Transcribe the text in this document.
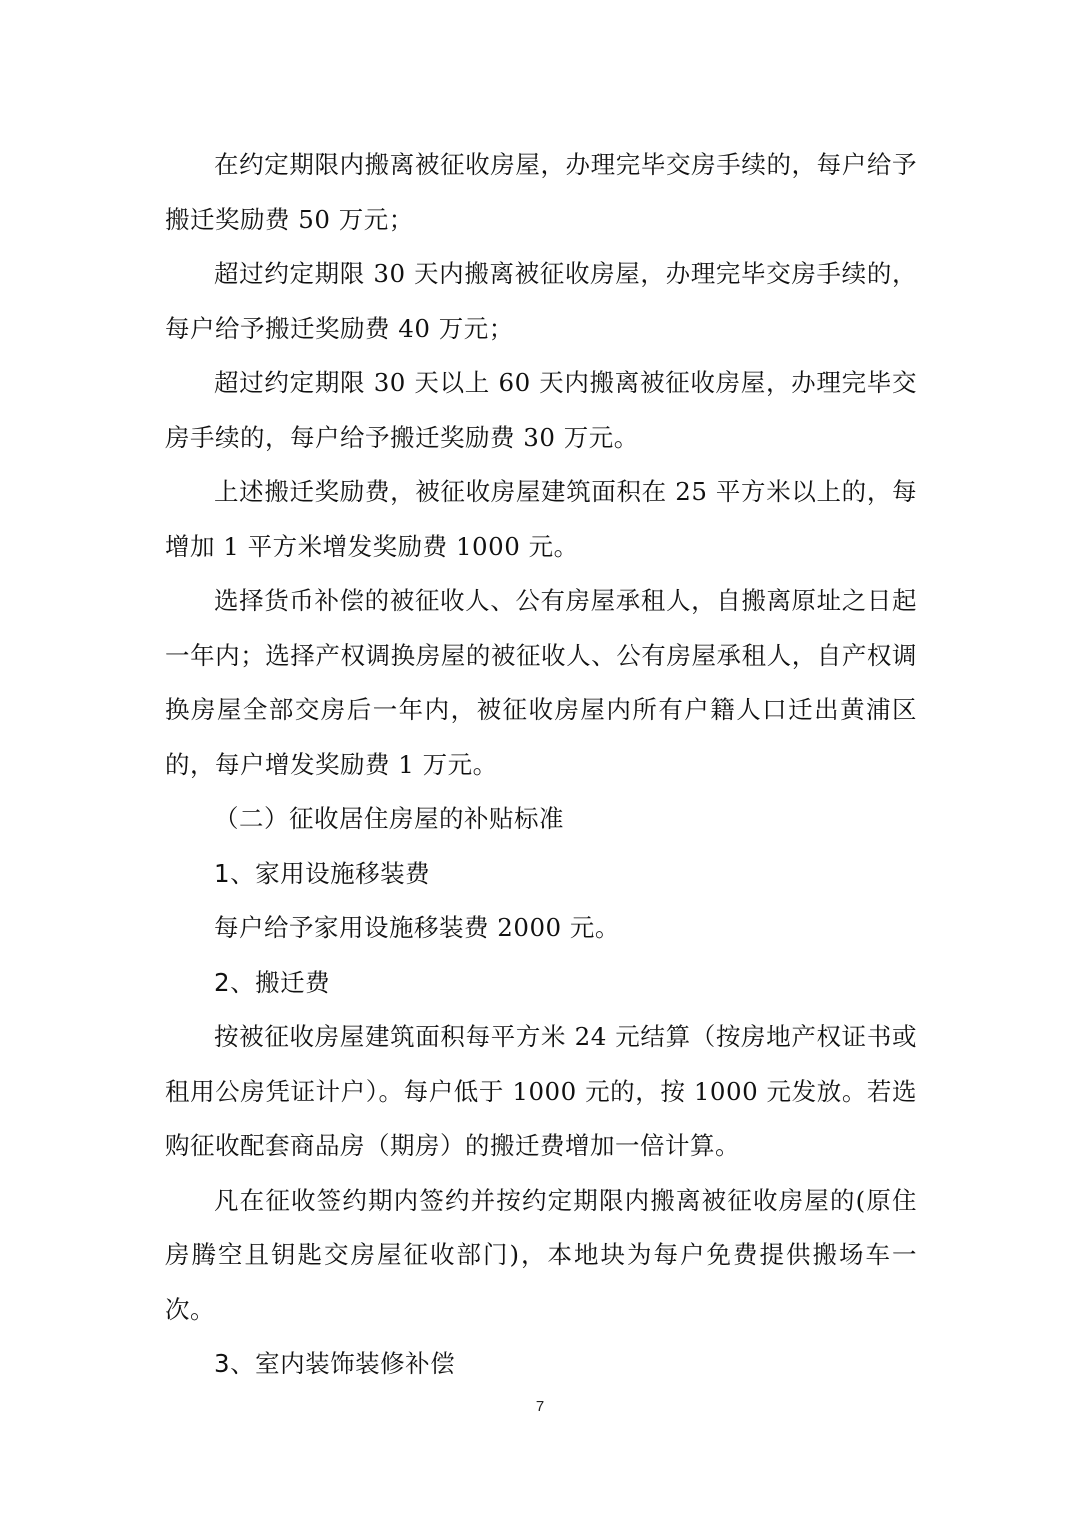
在约定期限内搬离被征收房屋，办理完毕交房手续的，每户给予搬迁奖励费 50 万元；

超过约定期限 30 天内搬离被征收房屋，办理完毕交房手续的，每户给予搬迁奖励费 40 万元；

超过约定期限 30 天以上 60 天内搬离被征收房屋，办理完毕交房手续的，每户给予搬迁奖励费 30 万元。

上述搬迁奖励费，被征收房屋建筑面积在 25 平方米以上的，每增加 1 平方米增发奖励费 1000 元。

选择货币补偿的被征收人、公有房屋承租人，自搬离原址之日起一年内；选择产权调换房屋的被征收人、公有房屋承租人，自产权调换房屋全部交房后一年内，被征收房屋内所有户籍人口迁出黄浦区的，每户增发奖励费 1 万元。

（二）征收居住房屋的补贴标准

1、家用设施移装费

每户给予家用设施移装费 2000 元。

2、搬迁费

按被征收房屋建筑面积每平方米 24 元结算（按房地产权证书或租用公房凭证计户）。每户低于 1000 元的，按 1000 元发放。若选购征收配套商品房（期房）的搬迁费增加一倍计算。

凡在征收签约期内签约并按约定期限内搬离被征收房屋的(原住房腾空且钥匙交房屋征收部门)，本地块为每户免费提供搬场车一次。

3、室内装饰装修补偿

7
